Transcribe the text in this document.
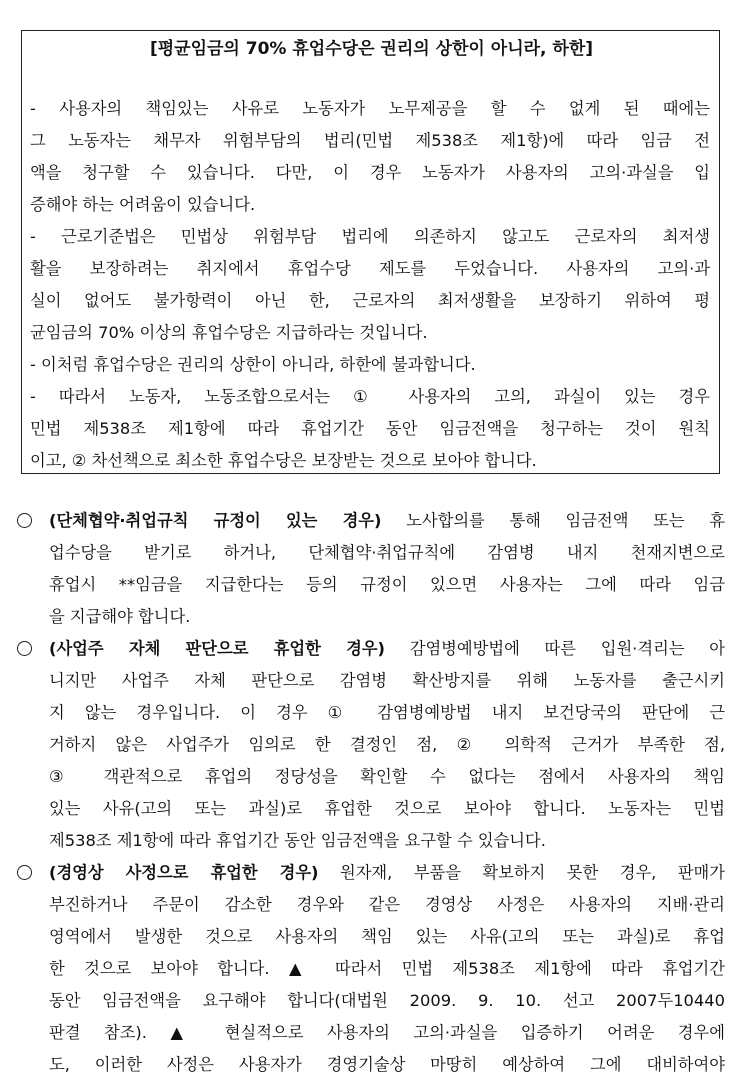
[평균임금의 70% 휴업수당은 권리의 상한이 아니라, 하한]
- 사용자의 책임있는 사유로 노동자가 노무제공을 할 수 없게 된 때에는
그 노동자는 채무자 위험부담의 법리(민법 제538조 제1항)에 따라 임금 전
액을 청구할 수 있습니다. 다만, 이 경우 노동자가 사용자의 고의·과실을 입
증해야 하는 어려움이 있습니다.
- 근로기준법은 민법상 위험부담 법리에 의존하지 않고도 근로자의 최저생
활을 보장하려는 취지에서 휴업수당 제도를 두었습니다. 사용자의 고의·과
실이 없어도 불가항력이 아닌 한, 근로자의 최저생활을 보장하기 위하여 평
균임금의 70% 이상의 휴업수당은 지급하라는 것입니다.
- 이처럼 휴업수당은 권리의 상한이 아니라, 하한에 불과합니다.
- 따라서 노동자, 노동조합으로서는 ① 사용자의 고의, 과실이 있는 경우
민법 제538조 제1항에 따라 휴업기간 동안 임금전액을 청구하는 것이 원칙
이고, ② 차선책으로 최소한 휴업수당은 보장받는 것으로 보아야 합니다.
(단체협약·취업규칙 규정이 있는 경우) 노사합의를 통해 임금전액 또는 휴
업수당을 받기로 하거나, 단체협약·취업규칙에 감염병 내지 천재지변으로
휴업시 **임금을 지급한다는 등의 규정이 있으면 사용자는 그에 따라 임금
을 지급해야 합니다.
(사업주 자체 판단으로 휴업한 경우) 감염병예방법에 따른 입원·격리는 아
니지만 사업주 자체 판단으로 감염병 확산방지를 위해 노동자를 출근시키
지 않는 경우입니다. 이 경우 ① 감염병예방법 내지 보건당국의 판단에 근
거하지 않은 사업주가 임의로 한 결정인 점, ② 의학적 근거가 부족한 점,
③ 객관적으로 휴업의 정당성을 확인할 수 없다는 점에서 사용자의 책임
있는 사유(고의 또는 과실)로 휴업한 것으로 보아야 합니다. 노동자는 민법
제538조 제1항에 따라 휴업기간 동안 임금전액을 요구할 수 있습니다.
(경영상 사정으로 휴업한 경우) 원자재, 부품을 확보하지 못한 경우, 판매가
부진하거나 주문이 감소한 경우와 같은 경영상 사정은 사용자의 지배·관리
영역에서 발생한 것으로 사용자의 책임 있는 사유(고의 또는 과실)로 휴업
한 것으로 보아야 합니다. ▲ 따라서 민법 제538조 제1항에 따라 휴업기간
동안 임금전액을 요구해야 합니다(대법원 2009. 9. 10. 선고 2007두10440
판결 참조). ▲ 현실적으로 사용자의 고의·과실을 입증하기 어려운 경우에
도, 이러한 사정은 사용자가 경영기술상 마땅히 예상하여 그에 대비하여야
